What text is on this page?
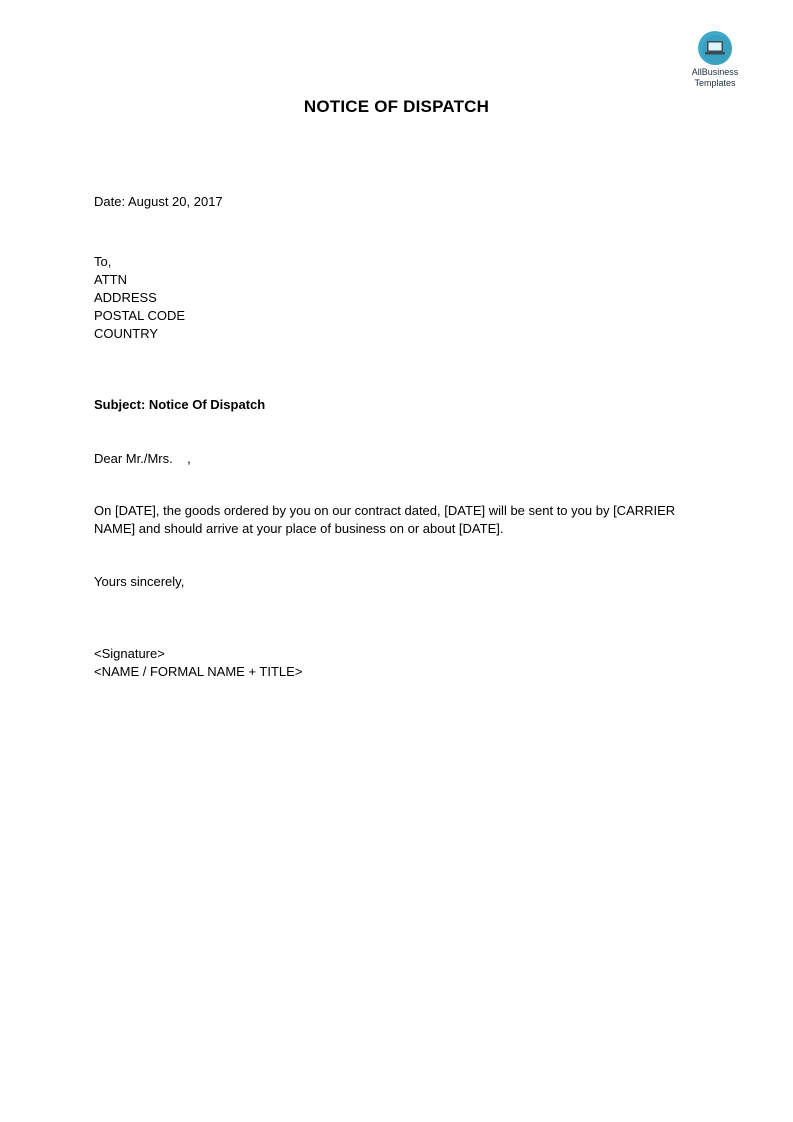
AllBusiness
Templates
NOTICE OF DISPATCH
Date: August 20, 2017
To,
ATTN
ADDRESS
POSTAL CODE
COUNTRY
Subject: Notice Of Dispatch
Dear Mr./Mrs.    ,
On [DATE], the goods ordered by you on our contract dated, [DATE] will be sent to you by [CARRIER
NAME] and should arrive at your place of business on or about [DATE].
Yours sincerely,
<Signature>
<NAME / FORMAL NAME + TITLE>
